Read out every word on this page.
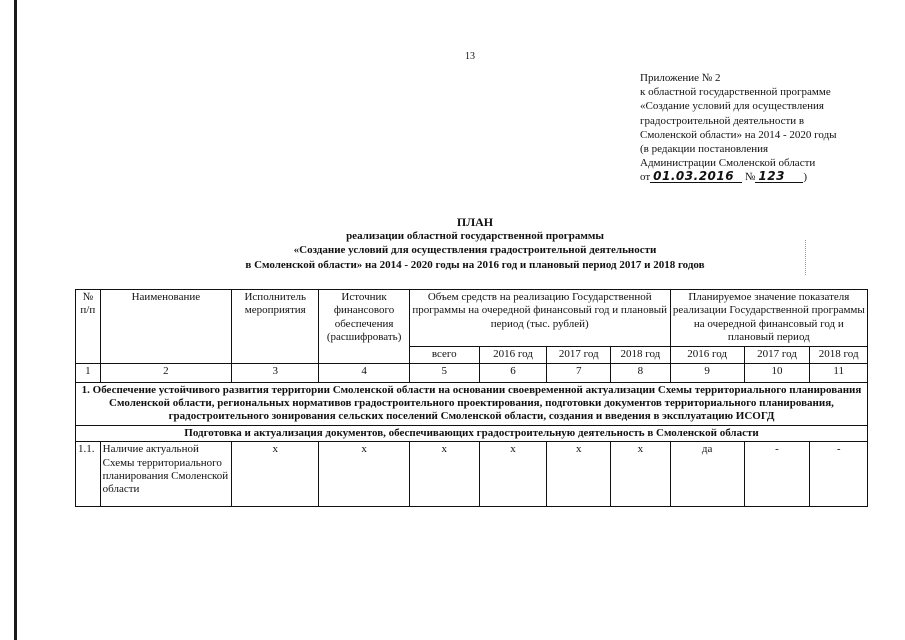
13
Приложение № 2
к областной государственной программе
«Создание условий для осуществления
градостроительной деятельности в
Смоленской области» на 2014 - 2020 годы
(в редакции постановления
Администрации Смоленской области
от 01.03.2016 № 123 )
ПЛАН
реализации областной государственной программы
«Создание условий для осуществления градостроительной деятельности
в Смоленской области» на 2014 - 2020 годы на 2016 год и плановый период 2017 и 2018 годов
№ п/п	Наименование	Исполнитель мероприятия	Источник финансового обеспечения (расшифровать)	Объем средств на реализацию Государственной программы на очередной финансовый год и плановый период (тыс. рублей)				Планируемое значение показателя реализации Государственной программы на очередной финансовый год и плановый период		
				всего	2016 год	2017 год	2018 год	2016 год	2017 год	2018 год
1	2	3	4	5	6	7	8	9	10	11
1. Обеспечение устойчивого развития территории Смоленской области на основании своевременной актуализации Схемы территориального планирования Смоленской области, региональных нормативов градостроительного проектирования, подготовки документов территориального планирования, градостроительного зонирования сельских поселений Смоленской области, создания и введения в эксплуатацию ИСОГД										
Подготовка и актуализация документов, обеспечивающих градостроительную деятельность в Смоленской области										
1.1.	Наличие актуальной Схемы территориального планирования Смоленской области	х	х	х	х	х	х	да	-	-
